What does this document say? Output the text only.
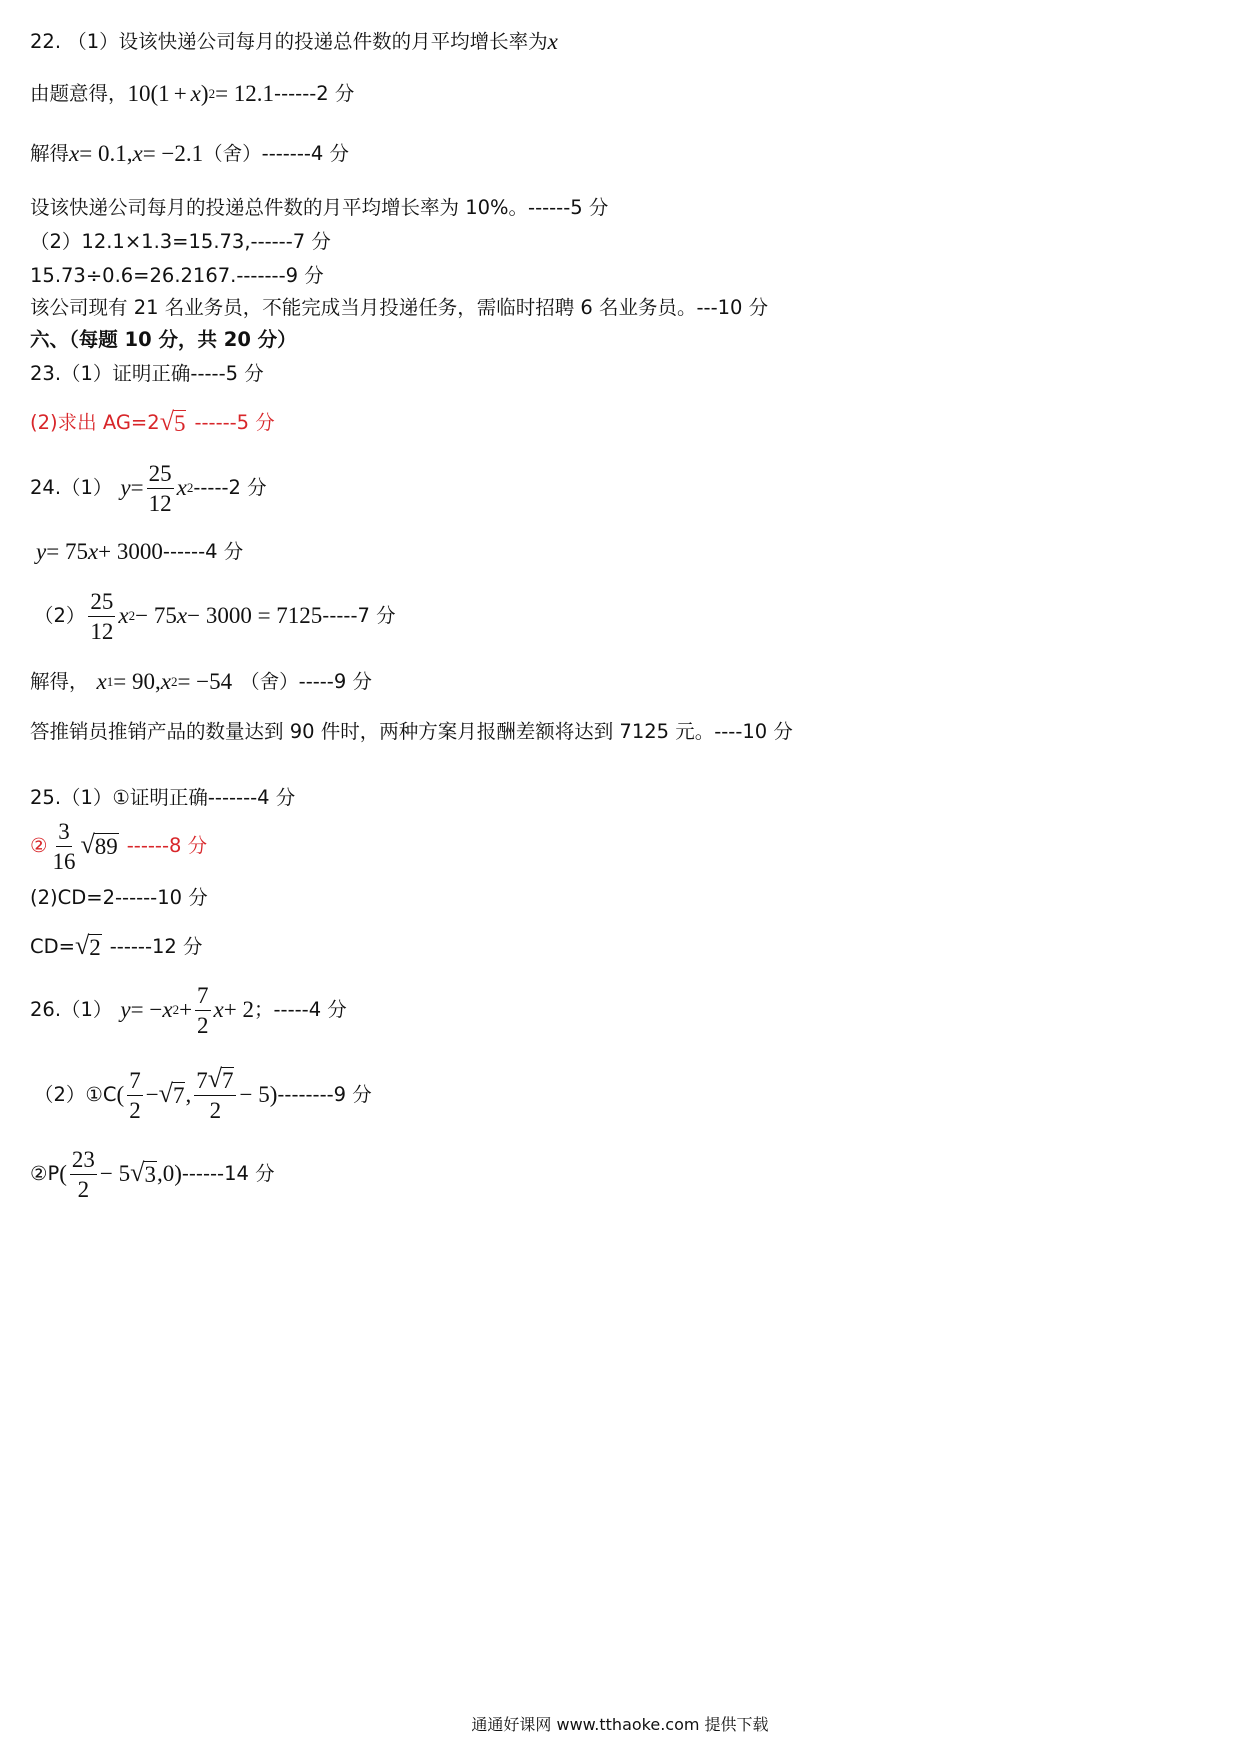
22. （1）设该快递公司每月的投递总件数的月平均增长率为 x
由题意得， 10(1 + x ) 2 = 12.1 ------2 分
解得 x = 0.1, x = −2.1 （舍） -------4 分
设该快递公司每月的投递总件数的月平均增长率为 10%。------5 分
（2）12.1×1.3=15.73,------7 分
15.73÷0.6=26.2167.-------9 分
该公司现有 21 名业务员，不能完成当月投递任务，需临时招聘 6 名业务员。---10 分
六、（每题 10 分，共 20 分）
23.（1）证明正确-----5 分
(2)求出 AG=2 √ 5 ------5 分
24.（1） $y = \frac{25}{12}$ x 2 -----2 分
y = 75 x + 3000 ------4 分
$(2) \frac{25}{12}$ x 2 − 75 x − 3000 = 7125 -----7 分
解得， x 1 = 90, x 2 = −54 （舍） -----9 分
答推销员推销产品的数量达到 90 件时，两种方案月报酬差额将达到 7125 元。----10 分
25.（1）①证明正确-------4 分
② $\frac{3}{16}$ √ 89 ------8 分
(2)CD=2------10 分
CD= √ 2 ------12 分
26.（1） y = − x $2 + \frac{7}{2}$ x + 2 ； -----4 分
（2）①C ( $\frac{7}{2}$ − √ 7 , $\frac{7 √ 7}{2} - 5$) --------9 分
②P ( $\frac{23}{2} - 5$ √ 3 ,0) ------14 分
通通好课网 www.tthaoke.com 提供下载
